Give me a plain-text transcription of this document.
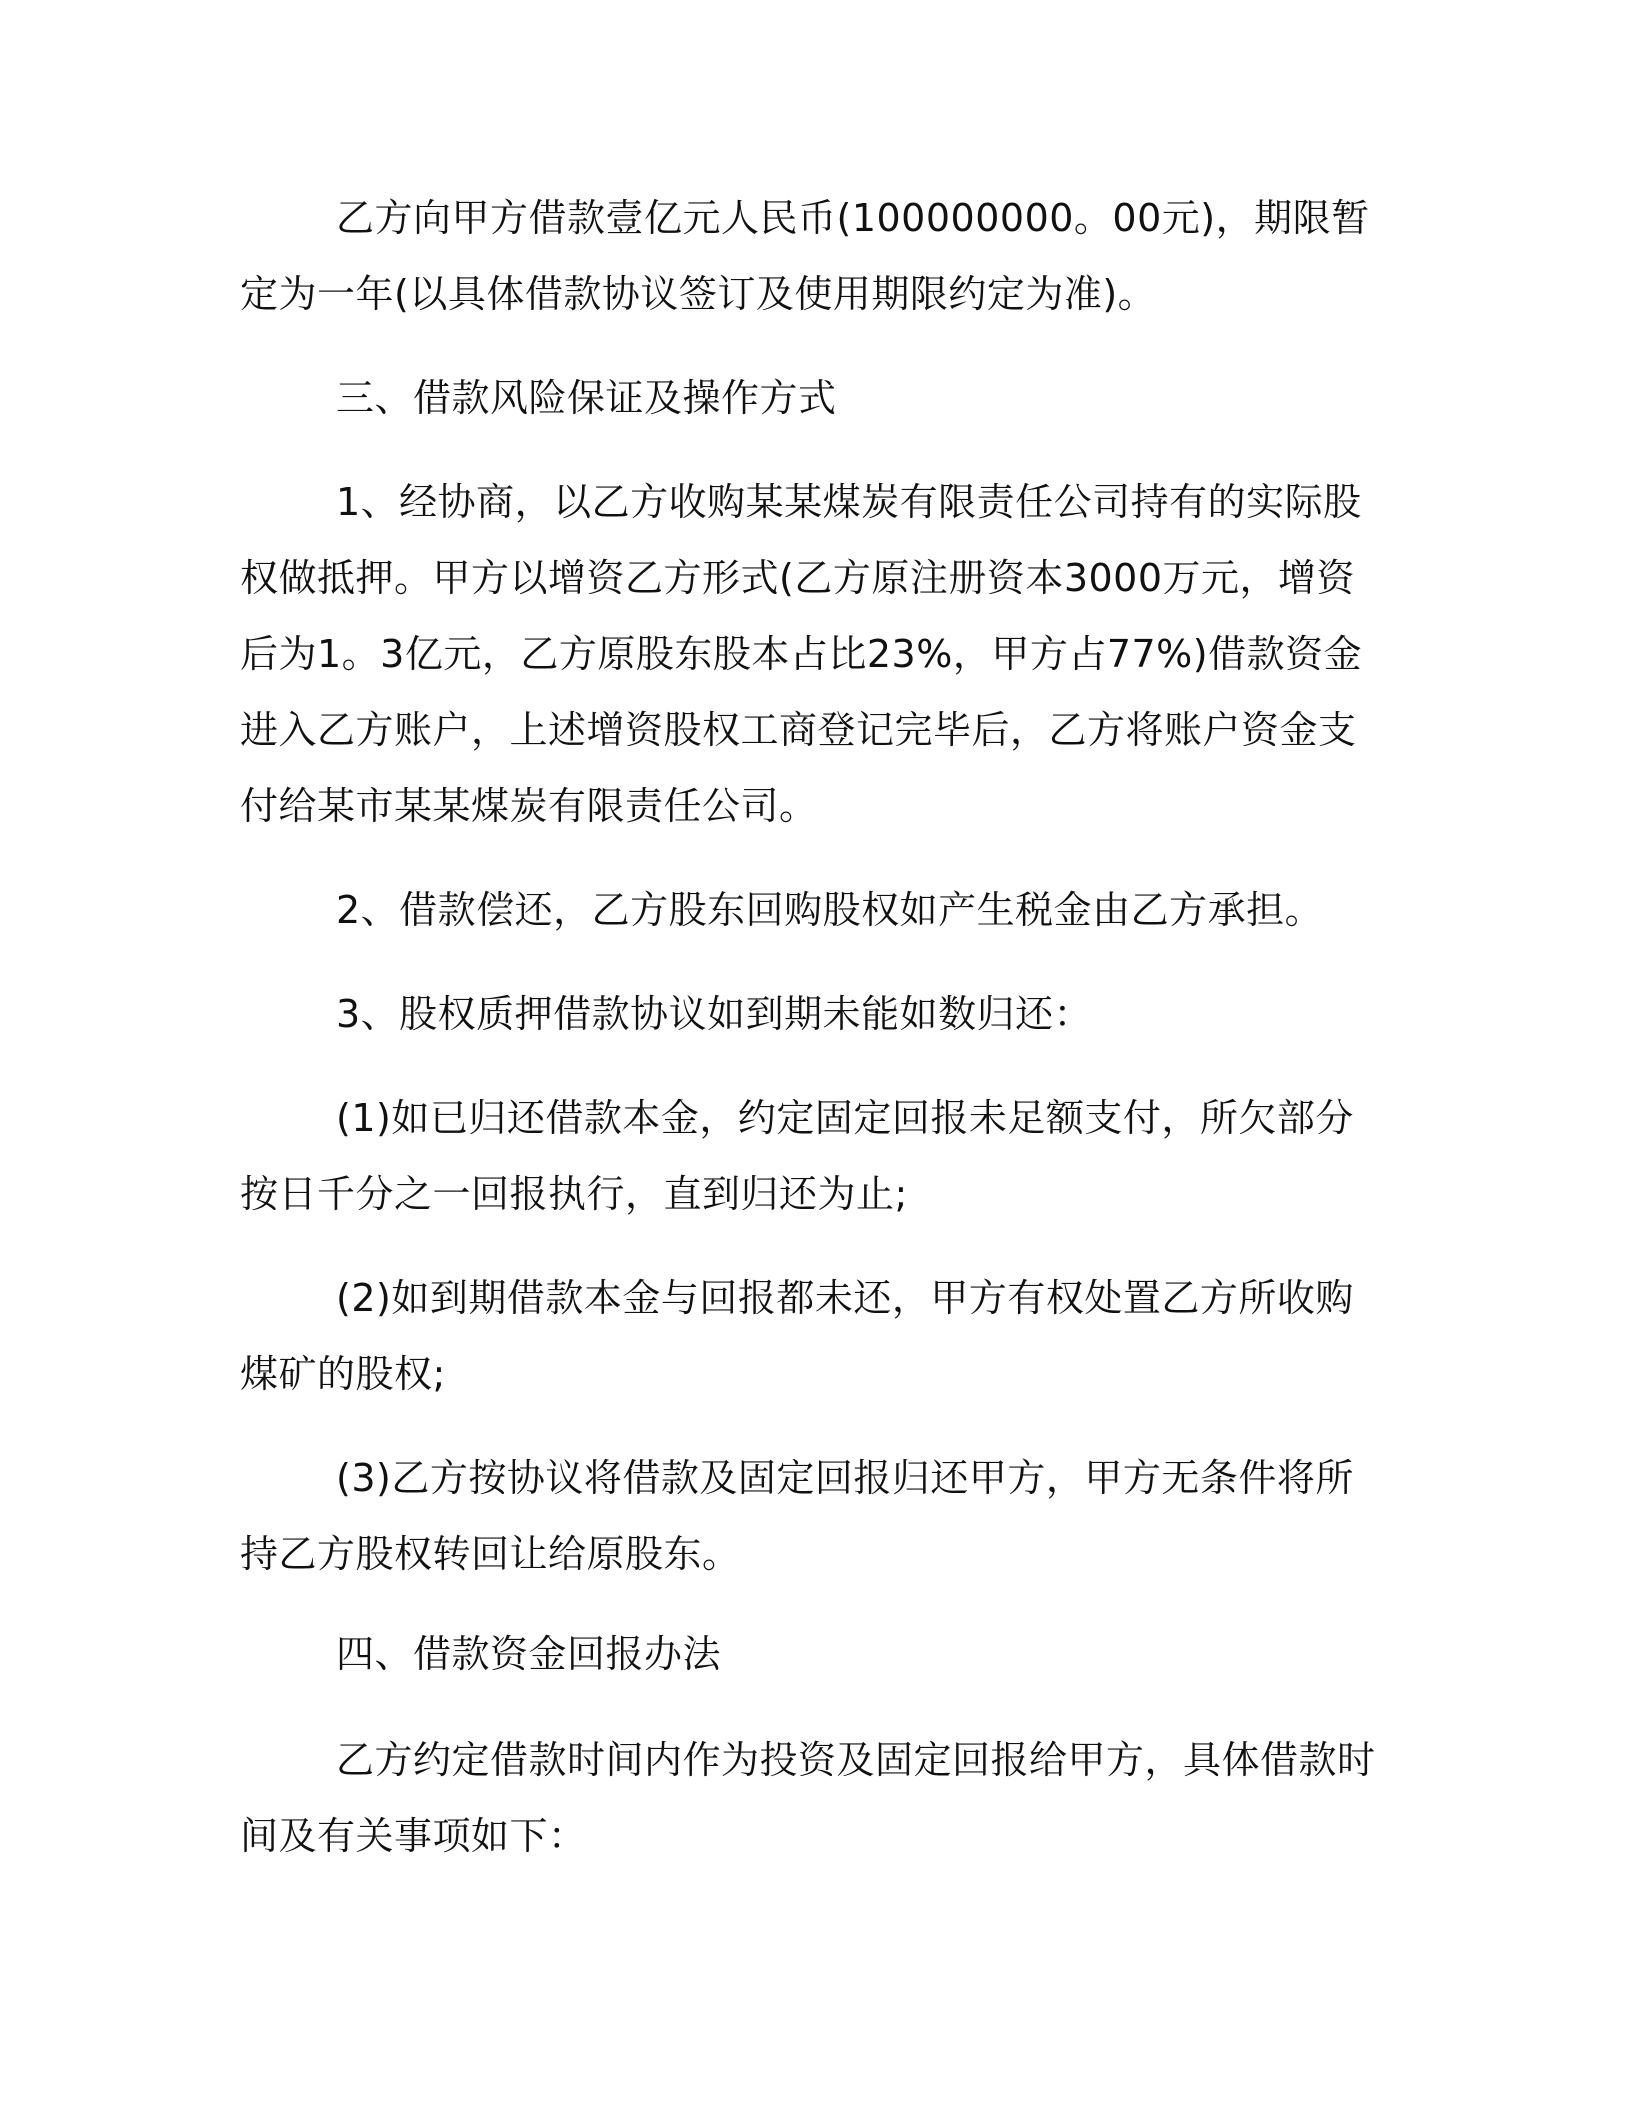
乙方向甲方借款壹亿元人民币(100000000。00元)，期限暂定为一年(以具体借款协议签订及使用期限约定为准)。

三、借款风险保证及操作方式

1、经协商，以乙方收购某某煤炭有限责任公司持有的实际股权做抵押。甲方以增资乙方形式(乙方原注册资本3000万元，增资后为1。3亿元，乙方原股东股本占比23%，甲方占77%)借款资金进入乙方账户，上述增资股权工商登记完毕后，乙方将账户资金支付给某市某某煤炭有限责任公司。

2、借款偿还，乙方股东回购股权如产生税金由乙方承担。

3、股权质押借款协议如到期未能如数归还：

(1)如已归还借款本金，约定固定回报未足额支付，所欠部分按日千分之一回报执行，直到归还为止;

(2)如到期借款本金与回报都未还，甲方有权处置乙方所收购煤矿的股权;

(3)乙方按协议将借款及固定回报归还甲方，甲方无条件将所持乙方股权转回让给原股东。

四、借款资金回报办法

乙方约定借款时间内作为投资及固定回报给甲方，具体借款时间及有关事项如下：
